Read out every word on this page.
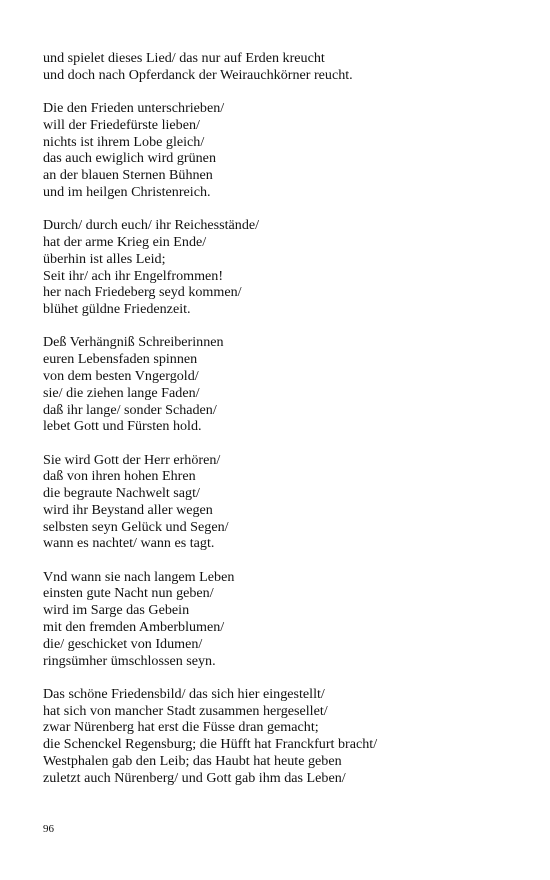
und spielet dieses Lied/ das nur auf Erden kreucht
und doch nach Opferdanck der Weirauchkörner reucht.
Die den Frieden unterschrieben/
will der Friedefürste lieben/
nichts ist ihrem Lobe gleich/
das auch ewiglich wird grünen
an der blauen Sternen Bühnen
und im heilgen Christenreich.
Durch/ durch euch/ ihr Reichesstände/
hat der arme Krieg ein Ende/
überhin ist alles Leid;
Seit ihr/ ach ihr Engelfrommen!
her nach Friedeberg seyd kommen/
blühet güldne Friedenzeit.
Deß Verhängniß Schreiberinnen
euren Lebensfaden spinnen
von dem besten Vngergold/
sie/ die ziehen lange Faden/
daß ihr lange/ sonder Schaden/
lebet Gott und Fürsten hold.
Sie wird Gott der Herr erhören/
daß von ihren hohen Ehren
die begraute Nachwelt sagt/
wird ihr Beystand aller wegen
selbsten seyn Gelück und Segen/
wann es nachtet/ wann es tagt.
Vnd wann sie nach langem Leben
einsten gute Nacht nun geben/
wird im Sarge das Gebein
mit den fremden Amberblumen/
die/ geschicket von Idumen/
ringsümher ümschlossen seyn.
Das schöne Friedensbild/ das sich hier eingestellt/
hat sich von mancher Stadt zusammen hergesellet/
zwar Nürenberg hat erst die Füsse dran gemacht;
die Schenckel Regensburg; die Hüfft hat Franckfurt bracht/
Westphalen gab den Leib; das Haubt hat heute geben
zuletzt auch Nürenberg/ und Gott gab ihm das Leben/
96
